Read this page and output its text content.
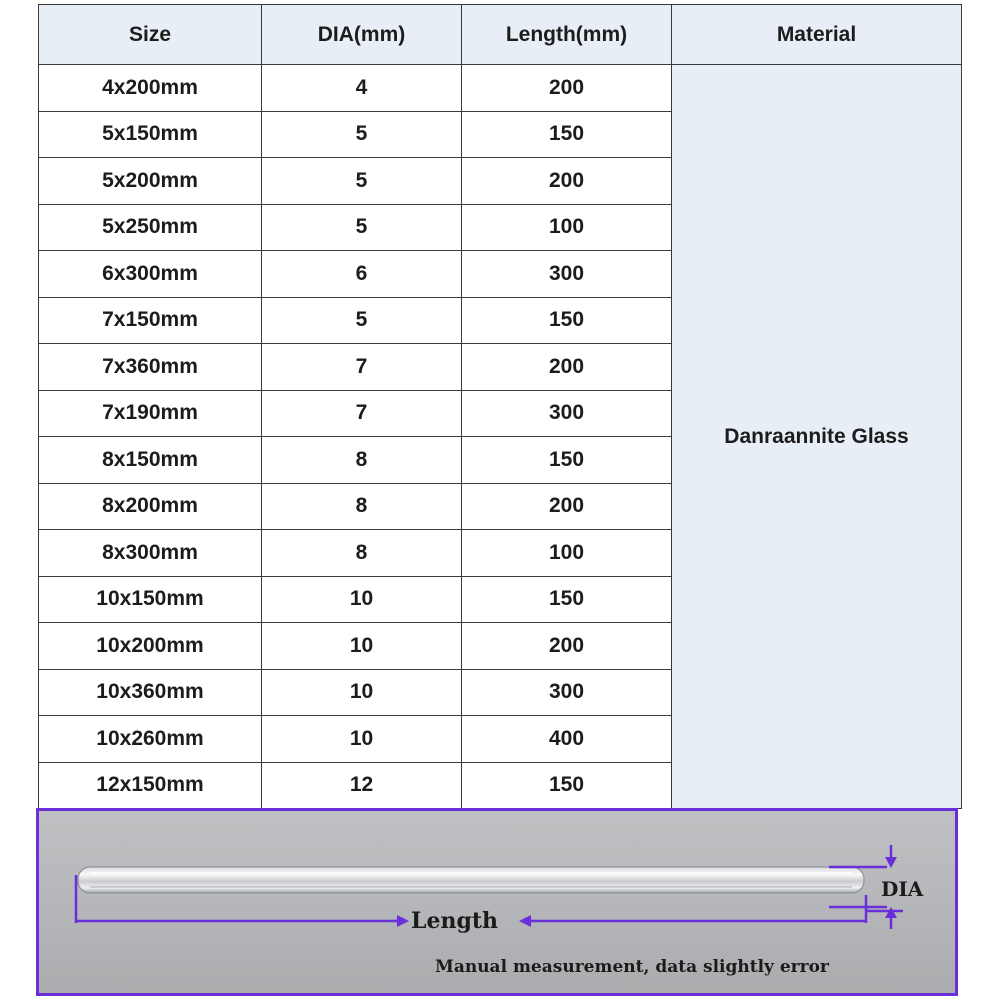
Size	DIA(mm)	Length(mm)	Material
4x200mm	4	200	Danraannite Glass
5x150mm	5	150	
5x200mm	5	200	
5x250mm	5	100	
6x300mm	6	300	
7x150mm	5	150	
7x360mm	7	200	
7x190mm	7	300	
8x150mm	8	150	
8x200mm	8	200	
8x300mm	8	100	
10x150mm	10	150	
10x200mm	10	200	
10x360mm	10	300	
10x260mm	10	400	
12x150mm	12	150	
Length
DIA
Manual measurement, data slightly error
